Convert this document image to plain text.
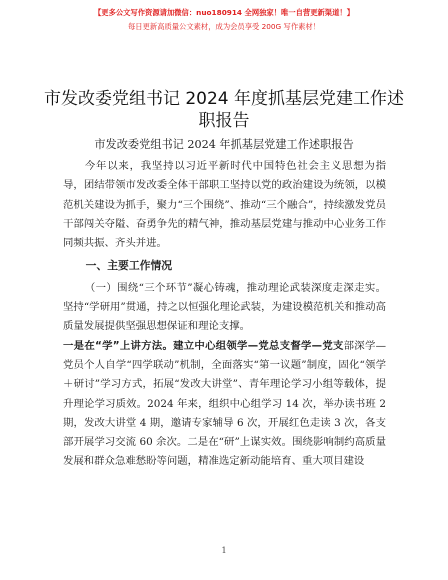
【更多公文写作资源请加微信：nuo180914 全网独家！唯一自营更新渠道！】
每日更新高质量公文素材，成为会员享受 200G 写作素材！
市发改委党组书记 2024 年度抓基层党建工作述职报告
市发改委党组书记 2024 年抓基层党建工作述职报告

今年以来，我坚持以习近平新时代中国特色社会主义思想为指导，团结带领市发改委全体干部职工坚持以党的政治建设为统领，以模范机关建设为抓手，聚力“三个围绕”、推动“三个融合”，持续激发党员干部闯关夺隘、奋勇争先的精气神，推动基层党建与推动中心业务工作同频共振、齐头并进。

一、主要工作情况

（一）围绕“三个环节”凝心铸魂，推动理论武装深度走深走实。坚持“学研用”贯通，持之以恒强化理论武装，为建设模范机关和推动高质量发展提供坚强思想保证和理论支撑。

一是在“学”上讲方法。建立中心组领学—党总支督学—党支部深学—党员个人自学“四学联动”机制，全面落实“第一议题”制度，固化“领学＋研讨”学习方式，拓展“发改大讲堂”、青年理论学习小组等载体，提升理论学习质效。2024 年来，组织中心组学习 14 次，举办读书班 2 期，发改大讲堂 4 期，邀请专家辅导 6 次，开展红色走读 3 次，各支部开展学习交流 60 余次。二是在“研”上谋实效。围绕影响制约高质量发展和群众急难愁盼等问题，精准选定新动能培育、重大项目建设

1
